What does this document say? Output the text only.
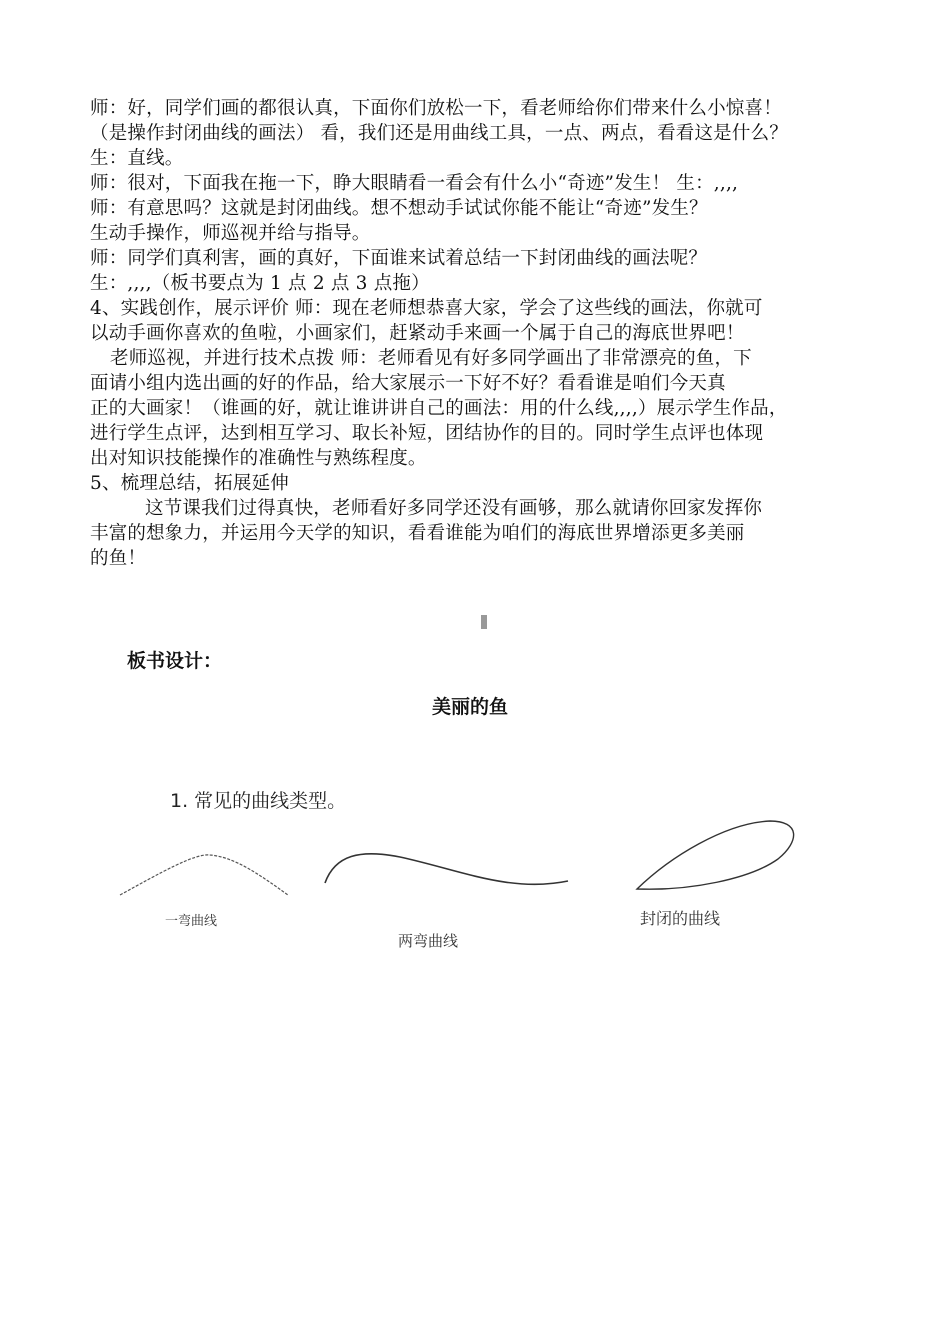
师：好，同学们画的都很认真，下面你们放松一下，看老师给你们带来什么小惊喜！
（是操作封闭曲线的画法） 看，我们还是用曲线工具，一点、两点，看看这是什么？
生：直线。
师：很对，下面我在拖一下，睁大眼睛看一看会有什么小“奇迹”发生！ 生：,,,,
师：有意思吗？这就是封闭曲线。想不想动手试试你能不能让“奇迹”发生？
生动手操作，师巡视并给与指导。
师：同学们真利害，画的真好，下面谁来试着总结一下封闭曲线的画法呢？
生：,,,,（板书要点为 1 点 2 点 3 点拖）
4、实践创作，展示评价 师：现在老师想恭喜大家，学会了这些线的画法，你就可
以动手画你喜欢的鱼啦，小画家们，赶紧动手来画一个属于自己的海底世界吧！
老师巡视，并进行技术点拨 师：老师看见有好多同学画出了非常漂亮的鱼，下
面请小组内选出画的好的作品，给大家展示一下好不好？看看谁是咱们今天真
正的大画家！（谁画的好，就让谁讲讲自己的画法：用的什么线,,,,）展示学生作品，
进行学生点评，达到相互学习、取长补短，团结协作的目的。同时学生点评也体现
出对知识技能操作的准确性与熟练程度。
5、梳理总结，拓展延伸
这节课我们过得真快，老师看好多同学还没有画够，那么就请你回家发挥你
丰富的想象力，并运用今天学的知识，看看谁能为咱们的海底世界增添更多美丽
的鱼！
板书设计：
美丽的鱼
1. 常见的曲线类型。
一弯曲线
两弯曲线
封闭的曲线
